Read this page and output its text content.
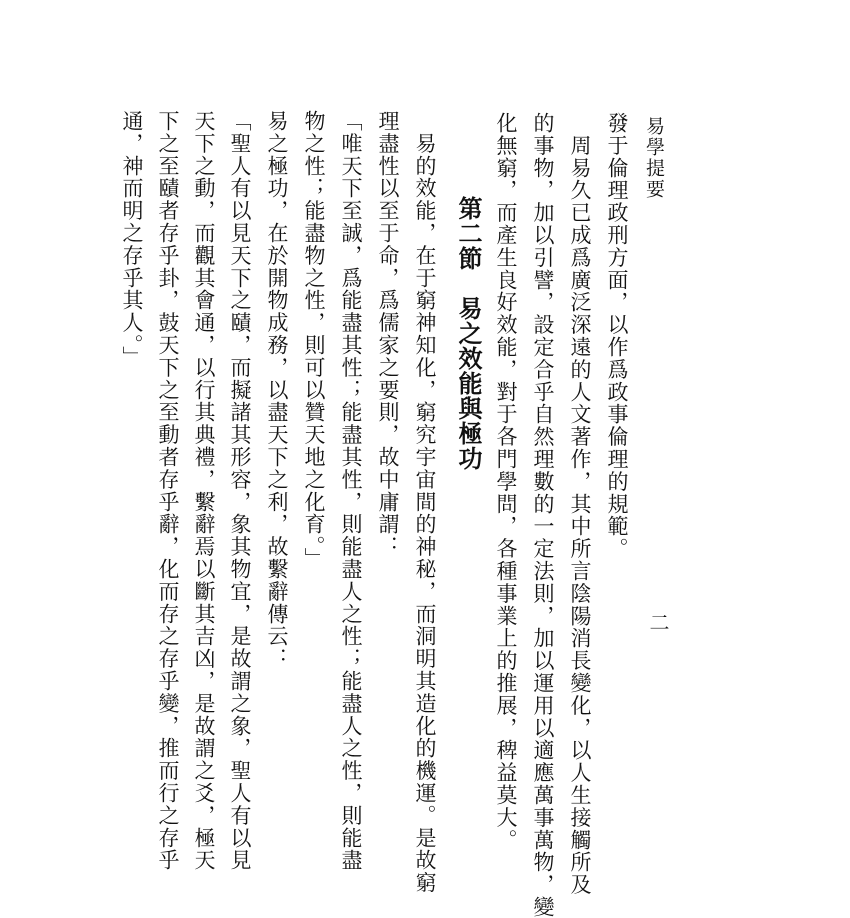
易學提要
二
發于倫理政刑方面，以作爲政事倫理的規範。
　周易久已成爲廣泛深遠的人文著作，其中所言陰陽消長變化，以人生接觸所及
的事物，加以引譬，設定合乎自然理數的一定法則，加以運用以適應萬事萬物，變
化無窮，而產生良好效能，對于各門學問，各種事業上的推展，稗益莫大。
第二節　易之效能與極功
　易的效能，在于窮神知化，窮究宇宙間的神秘，而洞明其造化的機運。是故窮
理盡性以至于命，爲儒家之要則，故中庸謂：
「唯天下至誠，爲能盡其性；能盡其性，則能盡人之性；能盡人之性，則能盡
物之性；能盡物之性，則可以贊天地之化育。」
易之極功，在於開物成務，以盡天下之利，故繫辭傳云：
「聖人有以見天下之賾，而擬諸其形容，象其物宜，是故謂之象，聖人有以見
天下之動，而觀其會通，以行其典禮，繫辭焉以斷其吉凶，是故謂之爻，極天
下之至賾者存乎卦，鼓天下之至動者存乎辭，化而存之存乎變，推而行之存乎
通，神而明之存乎其人。」
